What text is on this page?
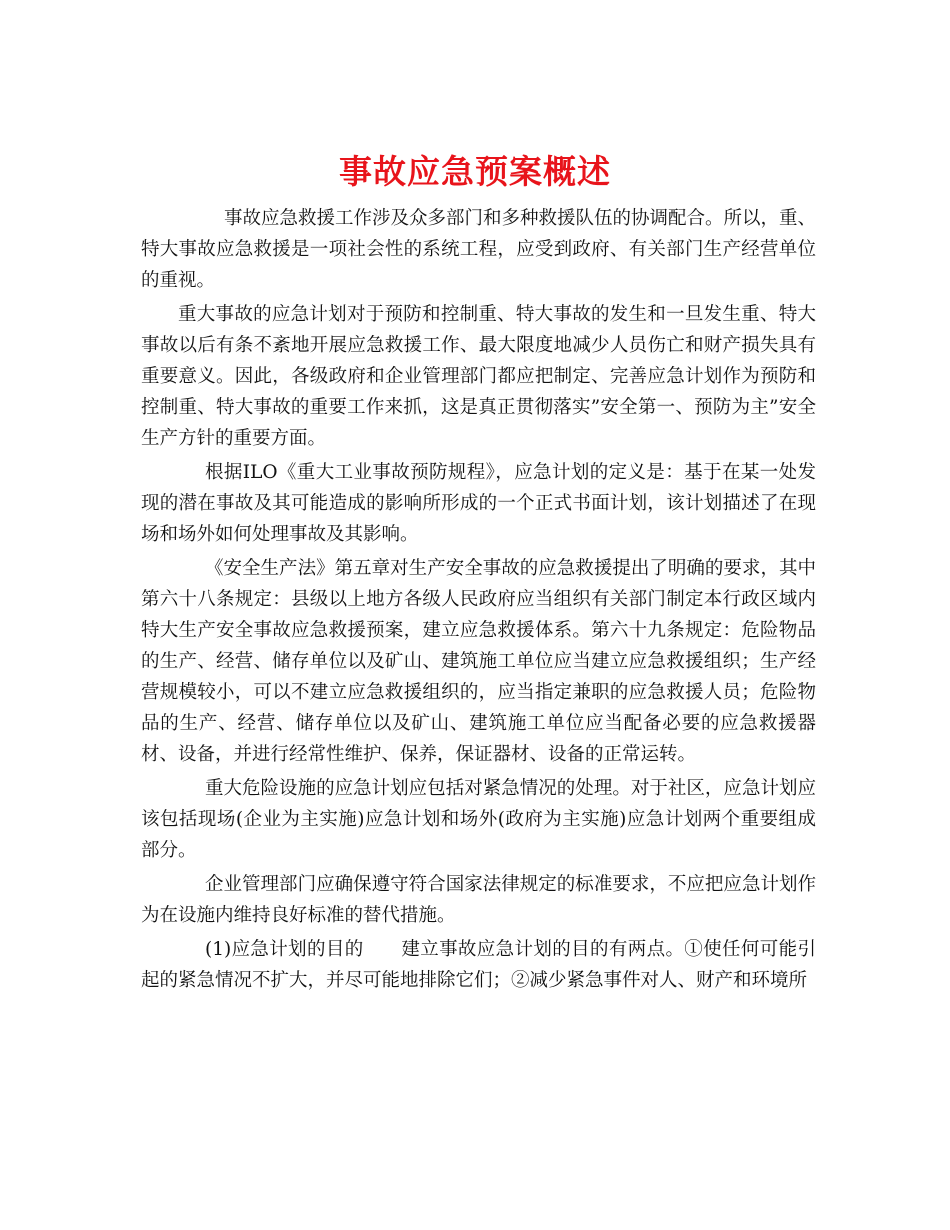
事故应急预案概述

事故应急救援工作涉及众多部门和多种救援队伍的协调配合。所以，重、特大事故应急救援是一项社会性的系统工程，应受到政府、有关部门生产经营单位的重视。

重大事故的应急计划对于预防和控制重、特大事故的发生和一旦发生重、特大事故以后有条不紊地开展应急救援工作、最大限度地减少人员伤亡和财产损失具有重要意义。因此，各级政府和企业管理部门都应把制定、完善应急计划作为预防和控制重、特大事故的重要工作来抓，这是真正贯彻落实”安全第一、预防为主”安全生产方针的重要方面。

根据ILO《重大工业事故预防规程》，应急计划的定义是：基于在某一处发现的潜在事故及其可能造成的影响所形成的一个正式书面计划，该计划描述了在现场和场外如何处理事故及其影响。

《安全生产法》第五章对生产安全事故的应急救援提出了明确的要求，其中第六十八条规定：县级以上地方各级人民政府应当组织有关部门制定本行政区域内特大生产安全事故应急救援预案，建立应急救援体系。第六十九条规定：危险物品的生产、经营、储存单位以及矿山、建筑施工单位应当建立应急救援组织；生产经营规模较小，可以不建立应急救援组织的，应当指定兼职的应急救援人员；危险物品的生产、经营、储存单位以及矿山、建筑施工单位应当配备必要的应急救援器材、设备，并进行经常性维护、保养，保证器材、设备的正常运转。

重大危险设施的应急计划应包括对紧急情况的处理。对于社区，应急计划应该包括现场(企业为主实施)应急计划和场外(政府为主实施)应急计划两个重要组成部分。

企业管理部门应确保遵守符合国家法律规定的标准要求，不应把应急计划作为在设施内维持良好标准的替代措施。

(1)应急计划的目的　　建立事故应急计划的目的有两点。①使任何可能引起的紧急情况不扩大，并尽可能地排除它们；②减少紧急事件对人、财产和环境所
